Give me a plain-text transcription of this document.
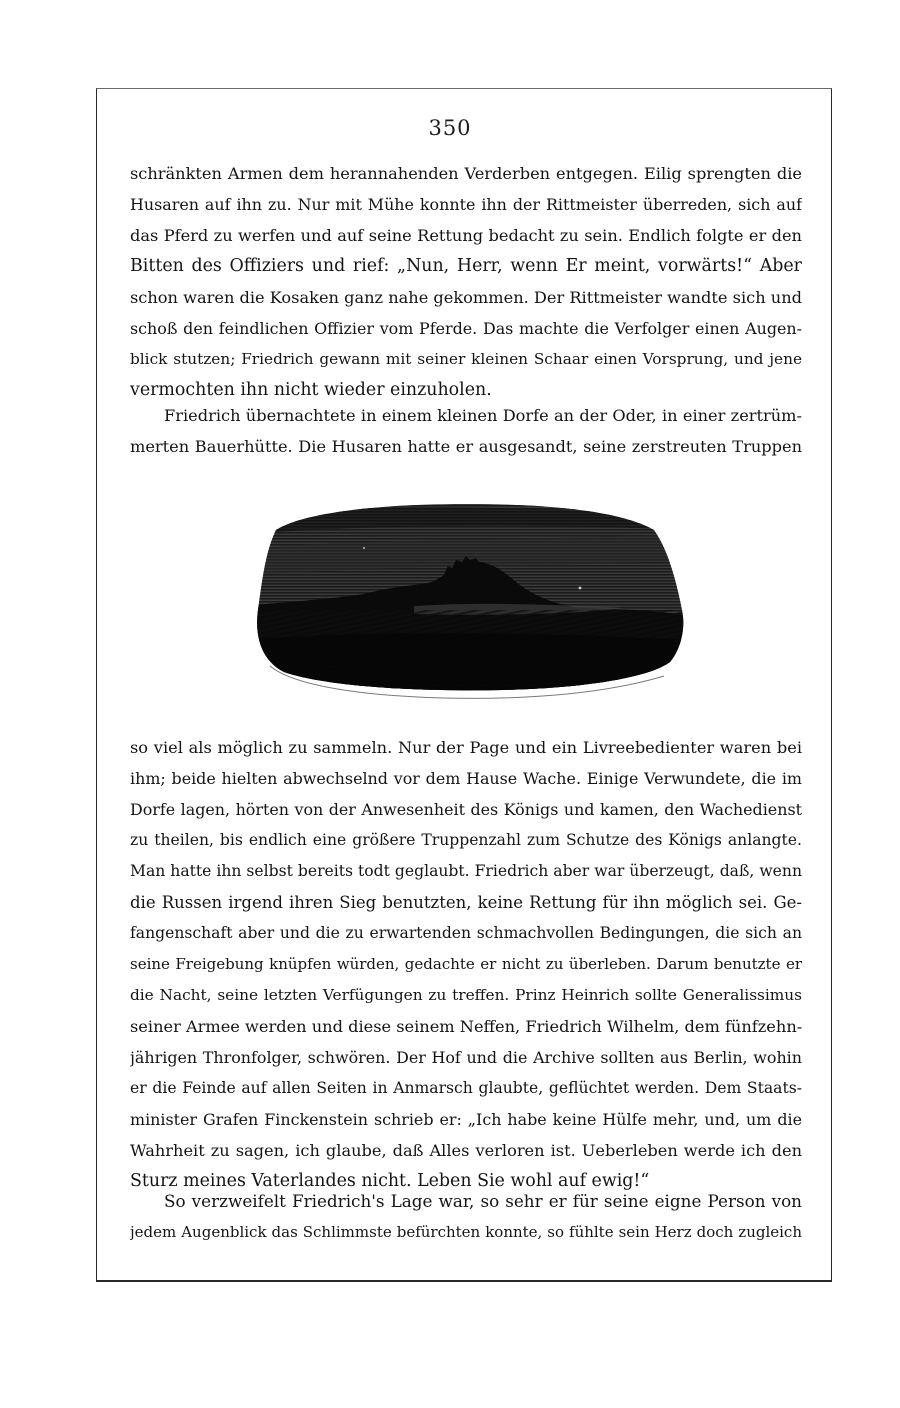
350
schränkten Armen dem herannahenden Verderben entgegen. Eilig sprengten die
Husaren auf ihn zu. Nur mit Mühe konnte ihn der Rittmeister überreden, sich auf
das Pferd zu werfen und auf seine Rettung bedacht zu sein. Endlich folgte er den
Bitten des Offiziers und rief: „Nun, Herr, wenn Er meint, vorwärts!“ Aber
schon waren die Kosaken ganz nahe gekommen. Der Rittmeister wandte sich und
schoß den feindlichen Offizier vom Pferde. Das machte die Verfolger einen Augen-
blick stutzen; Friedrich gewann mit seiner kleinen Schaar einen Vorsprung, und jene
vermochten ihn nicht wieder einzuholen.
Friedrich übernachtete in einem kleinen Dorfe an der Oder, in einer zertrüm-
merten Bauerhütte. Die Husaren hatte er ausgesandt, seine zerstreuten Truppen
so viel als möglich zu sammeln. Nur der Page und ein Livreebedienter waren bei
ihm; beide hielten abwechselnd vor dem Hause Wache. Einige Verwundete, die im
Dorfe lagen, hörten von der Anwesenheit des Königs und kamen, den Wachedienst
zu theilen, bis endlich eine größere Truppenzahl zum Schutze des Königs anlangte.
Man hatte ihn selbst bereits todt geglaubt. Friedrich aber war überzeugt, daß, wenn
die Russen irgend ihren Sieg benutzten, keine Rettung für ihn möglich sei. Ge-
fangenschaft aber und die zu erwartenden schmachvollen Bedingungen, die sich an
seine Freigebung knüpfen würden, gedachte er nicht zu überleben. Darum benutzte er
die Nacht, seine letzten Verfügungen zu treffen. Prinz Heinrich sollte Generalissimus
seiner Armee werden und diese seinem Neffen, Friedrich Wilhelm, dem fünfzehn-
jährigen Thronfolger, schwören. Der Hof und die Archive sollten aus Berlin, wohin
er die Feinde auf allen Seiten in Anmarsch glaubte, geflüchtet werden. Dem Staats-
minister Grafen Finckenstein schrieb er: „Ich habe keine Hülfe mehr, und, um die
Wahrheit zu sagen, ich glaube, daß Alles verloren ist. Ueberleben werde ich den
Sturz meines Vaterlandes nicht. Leben Sie wohl auf ewig!“
So verzweifelt Friedrich's Lage war, so sehr er für seine eigne Person von
jedem Augenblick das Schlimmste befürchten konnte, so fühlte sein Herz doch zugleich
